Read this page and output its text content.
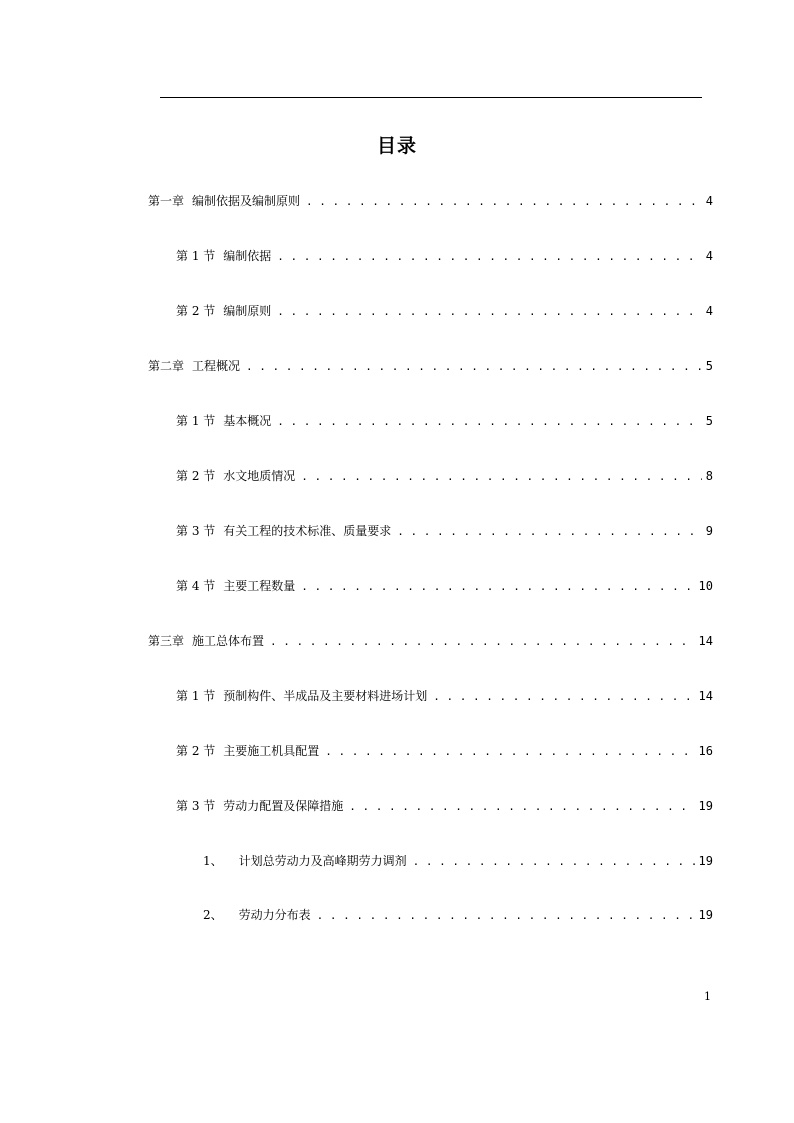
目录
第一章 编制依据及编制原则 . . .	4
第 1 节 编制依据 . . .	4
第 2 节 编制原则 . . .	4
第二章 工程概况 . . .	5
第 1 节 基本概况 . . .	5
第 2 节 水文地质情况 . . .	8
第 3 节 有关工程的技术标准、质量要求 . . .	9
第 4 节 主要工程数量 . . .	10
第三章 施工总体布置 . . .	14
第 1 节 预制构件、半成品及主要材料进场计划 . . .	14
第 2 节 主要施工机具配置 . . .	16
第 3 节 劳动力配置及保障措施 . . .	19
1、 计划总劳动力及高峰期劳力调剂 . . .	19
2、 劳动力分布表 . . .	19
1
